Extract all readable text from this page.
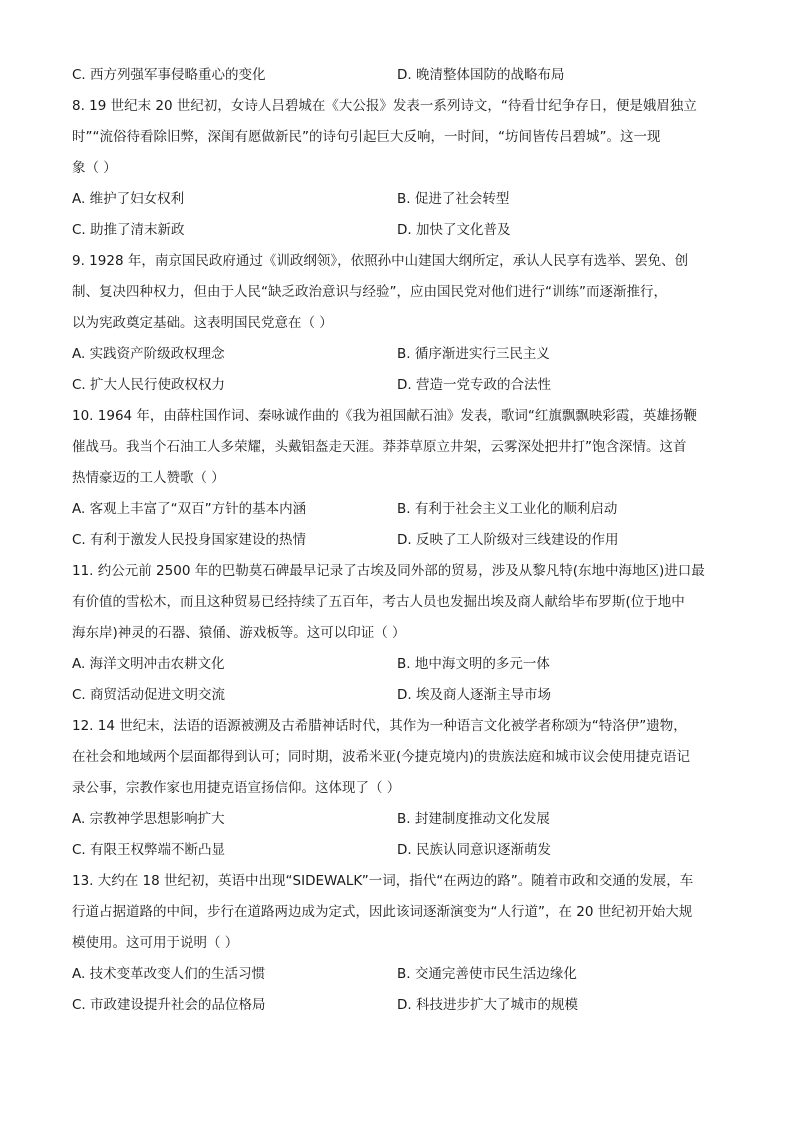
C. 西方列强军事侵略重心的变化	D. 晚清整体国防的战略布局
8. 19 世纪末 20 世纪初，女诗人吕碧城在《大公报》发表一系列诗文，“待看廿纪争存日，便是娥眉独立
时”“流俗待看除旧弊，深闺有愿做新民”的诗句引起巨大反响，一时间，“坊间皆传吕碧城”。这一现
象（ ）
A. 维护了妇女权利	B. 促进了社会转型
C. 助推了清末新政	D. 加快了文化普及
9. 1928 年，南京国民政府通过《训政纲领》，依照孙中山建国大纲所定，承认人民享有选举、罢免、创
制、复决四种权力，但由于人民“缺乏政治意识与经验”，应由国民党对他们进行“训练”而逐渐推行，
以为宪政奠定基础。这表明国民党意在（ ）
A. 实践资产阶级政权理念	B. 循序渐进实行三民主义
C. 扩大人民行使政权权力	D. 营造一党专政的合法性
10. 1964 年，由薛柱国作词、秦咏诚作曲的《我为祖国献石油》发表，歌词“红旗飘飘映彩霞，英雄扬鞭
催战马。我当个石油工人多荣耀，头戴铝盔走天涯。莽莽草原立井架，云雾深处把井打”饱含深情。这首
热情豪迈的工人赞歌（ ）
A. 客观上丰富了“双百”方针的基本内涵	B. 有利于社会主义工业化的顺利启动
C. 有利于激发人民投身国家建设的热情	D. 反映了工人阶级对三线建设的作用
11. 约公元前 2500 年的巴勒莫石碑最早记录了古埃及同外部的贸易，涉及从黎凡特(东地中海地区)进口最
有价值的雪松木，而且这种贸易已经持续了五百年，考古人员也发掘出埃及商人献给毕布罗斯(位于地中
海东岸)神灵的石器、猿俑、游戏板等。这可以印证（ ）
A. 海洋文明冲击农耕文化	B. 地中海文明的多元一体
C. 商贸活动促进文明交流	D. 埃及商人逐渐主导市场
12. 14 世纪末，法语的语源被溯及古希腊神话时代，其作为一种语言文化被学者称颂为“特洛伊”遗物，
在社会和地域两个层面都得到认可；同时期，波希米亚(今捷克境内)的贵族法庭和城市议会使用捷克语记
录公事，宗教作家也用捷克语宣扬信仰。这体现了（ ）
A. 宗教神学思想影响扩大	B. 封建制度推动文化发展
C. 有限王权弊端不断凸显	D. 民族认同意识逐渐萌发
13. 大约在 18 世纪初，英语中出现“SIDEWALK”一词，指代“在两边的路”。随着市政和交通的发展，车
行道占据道路的中间，步行在道路两边成为定式，因此该词逐渐演变为“人行道”，在 20 世纪初开始大规
模使用。这可用于说明（ ）
A. 技术变革改变人们的生活习惯	B. 交通完善使市民生活边缘化
C. 市政建设提升社会的品位格局	D. 科技进步扩大了城市的规模
